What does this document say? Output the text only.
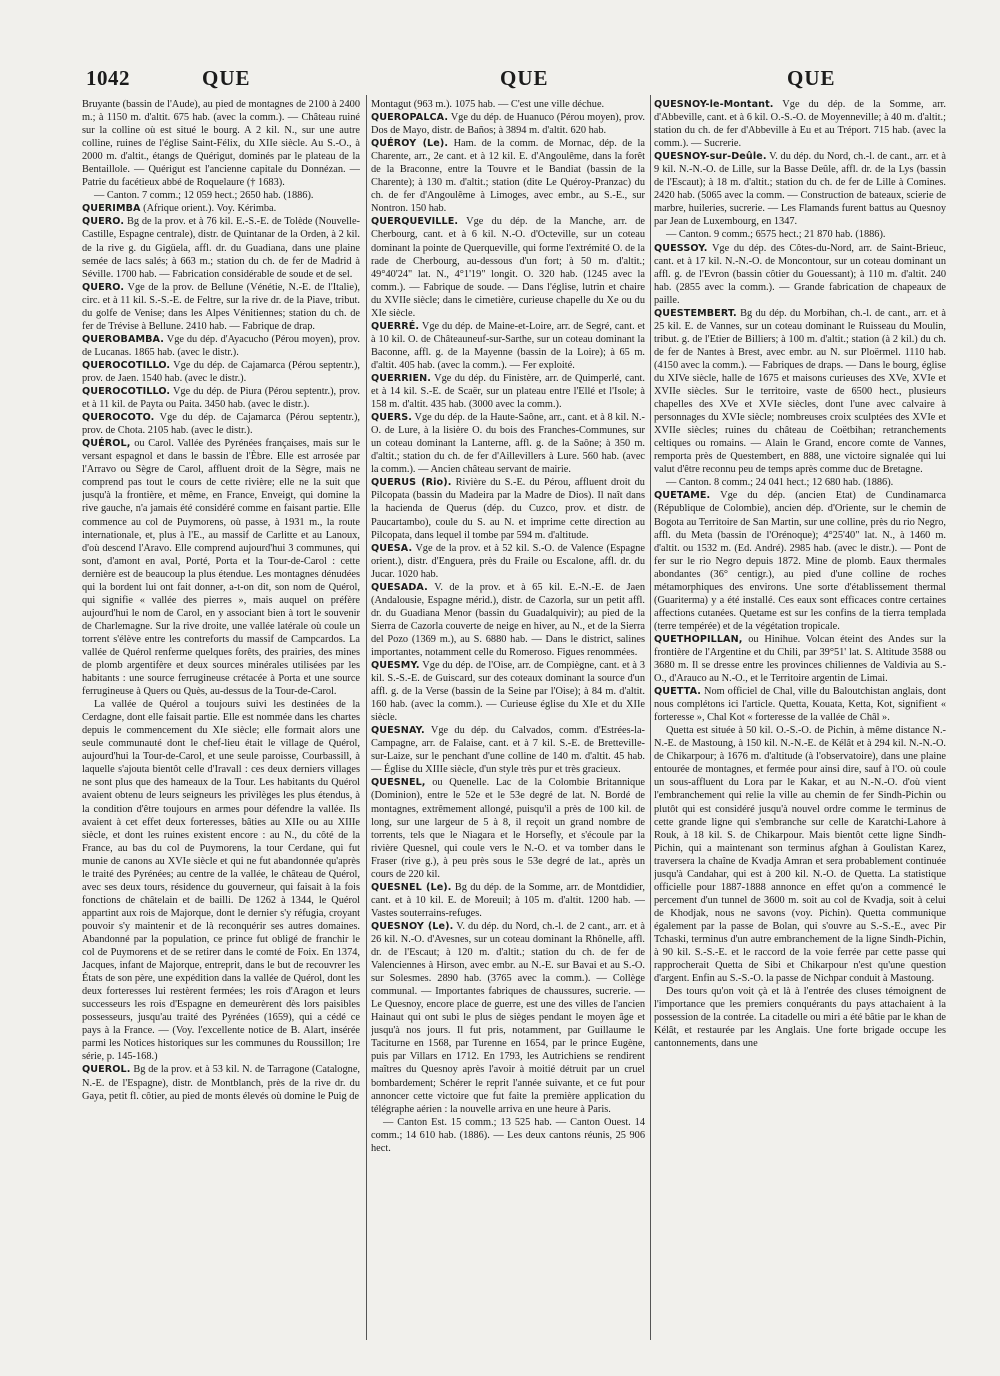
1042	QUE	QUE	QUE

Bruyante (bassin de l'Aude), au pied de montagnes de 2100 à 2400 m.; à 1150 m. d'altit. 675 hab. (avec la comm.). — Château ruiné sur la colline où est situé le bourg. A 2 kil. N., sur une autre colline, ruines de l'église Saint-Félix, du XIIe siècle. Au S.-O., à 2000 m. d'altit., étangs de Quérigut, dominés par le plateau de la Bentaillole. — Quérigut est l'ancienne capitale du Donnézan. — Patrie du facétieux abbé de Roquelaure († 1683).

— Canton. 7 comm.; 12 059 hect.; 2650 hab. (1886).

QUERIMBA (Afrique orient.). Voy. Kérimba.

QUERO. Bg de la prov. et à 76 kil. E.-S.-E. de Tolède (Nouvelle-Castille, Espagne centrale), distr. de Quintanar de la Orden, à 2 kil. de la rive g. du Gigüela, affl. dr. du Guadiana, dans une plaine semée de lacs salés; à 663 m.; station du ch. de fer de Madrid à Séville. 1700 hab. — Fabrication considérable de soude et de sel.

QUERO. Vge de la prov. de Bellune (Vénétie, N.-E. de l'Italie), circ. et à 11 kil. S.-S.-E. de Feltre, sur la rive dr. de la Piave, tribut. du golfe de Venise; dans les Alpes Vénitiennes; station du ch. de fer de Trévise à Bellune. 2410 hab. — Fabrique de drap.

QUEROBAMBA. Vge du dép. d'Ayacucho (Pérou moyen), prov. de Lucanas. 1865 hab. (avec le distr.).

QUEROCOTILLO. Vge du dép. de Cajamarca (Pérou septentr.), prov. de Jaen. 1540 hab. (avec le distr.).

QUEROCOTILLO. Vge du dép. de Piura (Pérou septentr.), prov. et à 11 kil. de Payta ou Paita. 3450 hab. (avec le distr.).

QUEROCOTO. Vge du dép. de Cajamarca (Pérou septentr.), prov. de Chota. 2105 hab. (avec le distr.).

QUÉROL, ou Carol. Vallée des Pyrénées françaises, mais sur le versant espagnol et dans le bassin de l'Èbre. Elle est arrosée par l'Arravo ou Sègre de Carol, affluent droit de la Sègre, mais ne comprend pas tout le cours de cette rivière; elle ne la suit que jusqu'à la frontière, et même, en France, Enveigt, qui domine la rive gauche, n'a jamais été considéré comme en faisant partie. Elle commence au col de Puymorens, où passe, à 1931 m., la route internationale, et, plus à l'E., au massif de Carlitte et au Lanoux, d'où descend l'Aravo. Elle comprend aujourd'hui 3 communes, qui sont, d'amont en aval, Porté, Porta et la Tour-de-Carol : cette dernière est de beaucoup la plus étendue. Les montagnes dénudées qui la bordent lui ont fait donner, a-t-on dit, son nom de Quérol, qui signifie « vallée des pierres », mais auquel on préfère aujourd'hui le nom de Carol, en y associant bien à tort le souvenir de Charlemagne. Sur la rive droite, une vallée latérale où coule un torrent s'élève entre les contreforts du massif de Campcardos. La vallée de Quérol renferme quelques forêts, des prairies, des mines de plomb argentifère et deux sources minérales utilisées par les habitants : une source ferrugineuse crétacée à Porta et une source ferrugineuse à Quers ou Quès, au-dessus de la Tour-de-Carol.

La vallée de Quérol a toujours suivi les destinées de la Cerdagne, dont elle faisait partie. Elle est nommée dans les chartes depuis le commencement du XIe siècle; elle formait alors une seule communauté dont le chef-lieu était le village de Quérol, aujourd'hui la Tour-de-Carol, et une seule paroisse, Courbassill, à laquelle s'ajouta bientôt celle d'Iravall : ces deux derniers villages ne sont plus que des hameaux de la Tour. Les habitants du Quérol avaient obtenu de leurs seigneurs les privilèges les plus étendus, à la condition d'être toujours en armes pour défendre la vallée. Ils avaient à cet effet deux forteresses, bâties au XIIe ou au XIIIe siècle, et dont les ruines existent encore : au N., du côté de la France, au bas du col de Puymorens, la tour Cerdane, qui fut munie de canons au XVIe siècle et qui ne fut abandonnée qu'après le traité des Pyrénées; au centre de la vallée, le château de Quérol, avec ses deux tours, résidence du gouverneur, qui faisait à la fois fonctions de châtelain et de bailli. De 1262 à 1344, le Quérol appartint aux rois de Majorque, dont le dernier s'y réfugia, croyant pouvoir s'y maintenir et de là reconquérir ses autres domaines. Abandonné par la population, ce prince fut obligé de franchir le col de Puymorens et de se retirer dans le comté de Foix. En 1374, Jacques, infant de Majorque, entreprit, dans le but de recouvrer les États de son père, une expédition dans la vallée de Quérol, dont les deux forteresses lui restèrent fermées; les rois d'Aragon et leurs successeurs les rois d'Espagne en demeurèrent dès lors paisibles possesseurs, jusqu'au traité des Pyrénées (1659), qui a cédé ce pays à la France. — (Voy. l'excellente notice de B. Alart, insérée parmi les Notices historiques sur les communes du Roussillon; 1re série, p. 145-168.)

QUEROL. Bg de la prov. et à 53 kil. N. de Tarragone (Catalogne, N.-E. de l'Espagne), distr. de Montblanch, près de la rive dr. du Gaya, petit fl. côtier, au pied de monts élevés où domine le Puig de

Montagut (963 m.). 1075 hab. — C'est une ville déchue.

QUEROPALCA. Vge du dép. de Huanuco (Pérou moyen), prov. Dos de Mayo, distr. de Baños; à 3894 m. d'altit. 620 hab.

QUÉROY (Le). Ham. de la comm. de Mornac, dép. de la Charente, arr., 2e cant. et à 12 kil. E. d'Angoulême, dans la forêt de la Braconne, entre la Touvre et le Bandiat (bassin de la Charente); à 130 m. d'altit.; station (dite Le Quéroy-Pranzac) du ch. de fer d'Angoulême à Limoges, avec embr., au S.-E., sur Nontron. 150 hab.

QUERQUEVILLE. Vge du dép. de la Manche, arr. de Cherbourg, cant. et à 6 kil. N.-O. d'Octeville, sur un coteau dominant la pointe de Querqueville, qui forme l'extrémité O. de la rade de Cherbourg, au-dessous d'un fort; à 50 m. d'altit.; 49°40'24" lat. N., 4°1'19" longit. O. 320 hab. (1245 avec la comm.). — Fabrique de soude. — Dans l'église, lutrin et chaire du XVIIe siècle; dans le cimetière, curieuse chapelle du Xe ou du XIe siècle.

QUERRÉ. Vge du dép. de Maine-et-Loire, arr. de Segré, cant. et à 10 kil. O. de Châteauneuf-sur-Sarthe, sur un coteau dominant la Baconne, affl. g. de la Mayenne (bassin de la Loire); à 65 m. d'altit. 405 hab. (avec la comm.). — Fer exploité.

QUERRIEN. Vge du dép. du Finistère, arr. de Quimperlé, cant. et à 14 kil. S.-E. de Scaër, sur un plateau entre l'Ellé et l'Isole; à 158 m. d'altit. 435 hab. (3000 avec la comm.).

QUERS. Vge du dép. de la Haute-Saône, arr., cant. et à 8 kil. N.-O. de Lure, à la lisière O. du bois des Franches-Communes, sur un coteau dominant la Lanterne, affl. g. de la Saône; à 350 m. d'altit.; station du ch. de fer d'Aillevillers à Lure. 560 hab. (avec la comm.). — Ancien château servant de mairie.

QUERUS (Rio). Rivière du S.-E. du Pérou, affluent droit du Pilcopata (bassin du Madeira par la Madre de Dios). Il naît dans la hacienda de Querus (dép. du Cuzco, prov. et distr. de Paucartambo), coule du S. au N. et imprime cette direction au Pilcopata, dans lequel il tombe par 594 m. d'altitude.

QUESA. Vge de la prov. et à 52 kil. S.-O. de Valence (Espagne orient.), distr. d'Enguera, près du Fraile ou Escalone, affl. dr. du Jucar. 1020 hab.

QUESADA. V. de la prov. et à 65 kil. E.-N.-E. de Jaen (Andalousie, Espagne mérid.), distr. de Cazorla, sur un petit affl. dr. du Guadiana Menor (bassin du Guadalquivir); au pied de la Sierra de Cazorla couverte de neige en hiver, au N., et de la Sierra del Pozo (1369 m.), au S. 6880 hab. — Dans le district, salines importantes, notamment celle du Romeroso. Figues renommées.

QUESMY. Vge du dép. de l'Oise, arr. de Compiègne, cant. et à 3 kil. S.-S.-E. de Guiscard, sur des coteaux dominant la source d'un affl. g. de la Verse (bassin de la Seine par l'Oise); à 84 m. d'altit. 160 hab. (avec la comm.). — Curieuse église du XIe et du XIIe siècle.

QUESNAY. Vge du dép. du Calvados, comm. d'Estrées-la-Campagne, arr. de Falaise, cant. et à 7 kil. S.-E. de Bretteville-sur-Laize, sur le penchant d'une colline de 140 m. d'altit. 45 hab. — Église du XIIIe siècle, d'un style très pur et très gracieux.

QUESNEL, ou Quenelle. Lac de la Colombie Britannique (Dominion), entre le 52e et le 53e degré de lat. N. Bordé de montagnes, extrêmement allongé, puisqu'il a près de 100 kil. de long, sur une largeur de 5 à 8, il reçoit un grand nombre de torrents, tels que le Niagara et le Horsefly, et s'écoule par la rivière Quesnel, qui coule vers le N.-O. et va tomber dans le Fraser (rive g.), à peu près sous le 53e degré de lat., après un cours de 220 kil.

QUESNEL (Le). Bg du dép. de la Somme, arr. de Montdidier, cant. et à 10 kil. E. de Moreuil; à 105 m. d'altit. 1200 hab. — Vastes souterrains-refuges.

QUESNOY (Le). V. du dép. du Nord, ch.-l. de 2 cant., arr. et à 26 kil. N.-O. d'Avesnes, sur un coteau dominant la Rhônelle, affl. dr. de l'Escaut; à 120 m. d'altit.; station du ch. de fer de Valenciennes à Hirson, avec embr. au N.-E. sur Bavai et au S.-O. sur Solesmes. 2890 hab. (3765 avec la comm.). — Collège communal. — Importantes fabriques de chaussures, sucrerie. — Le Quesnoy, encore place de guerre, est une des villes de l'ancien Hainaut qui ont subi le plus de sièges pendant le moyen âge et jusqu'à nos jours. Il fut pris, notamment, par Guillaume le Taciturne en 1568, par Turenne en 1654, par le prince Eugène, puis par Villars en 1712. En 1793, les Autrichiens se rendirent maîtres du Quesnoy après l'avoir à moitié détruit par un cruel bombardement; Schérer le reprit l'année suivante, et ce fut pour annoncer cette victoire que fut faite la première application du télégraphe aérien : la nouvelle arriva en une heure à Paris.

— Canton Est. 15 comm.; 13 525 hab. — Canton Ouest. 14 comm.; 14 610 hab. (1886). — Les deux cantons réunis, 25 906 hect.

QUESNOY-le-Montant. Vge du dép. de la Somme, arr. d'Abbeville, cant. et à 6 kil. O.-S.-O. de Moyenneville; à 40 m. d'altit.; station du ch. de fer d'Abbeville à Eu et au Tréport. 715 hab. (avec la comm.). — Sucrerie.

QUESNOY-sur-Deûle. V. du dép. du Nord, ch.-l. de cant., arr. et à 9 kil. N.-N.-O. de Lille, sur la Basse Deûle, affl. dr. de la Lys (bassin de l'Escaut); à 18 m. d'altit.; station du ch. de fer de Lille à Comines. 2420 hab. (5065 avec la comm. — Construction de bateaux, scierie de marbre, huileries, sucrerie. — Les Flamands furent battus au Quesnoy par Jean de Luxembourg, en 1347.

— Canton. 9 comm.; 6575 hect.; 21 870 hab. (1886).

QUESSOY. Vge du dép. des Côtes-du-Nord, arr. de Saint-Brieuc, cant. et à 17 kil. N.-N.-O. de Moncontour, sur un coteau dominant un affl. g. de l'Evron (bassin côtier du Gouessant); à 110 m. d'altit. 240 hab. (2855 avec la comm.). — Grande fabrication de chapeaux de paille.

QUESTEMBERT. Bg du dép. du Morbihan, ch.-l. de cant., arr. et à 25 kil. E. de Vannes, sur un coteau dominant le Ruisseau du Moulin, tribut. g. de l'Etier de Billiers; à 100 m. d'altit.; station (à 2 kil.) du ch. de fer de Nantes à Brest, avec embr. au N. sur Ploërmel. 1110 hab. (4150 avec la comm.). — Fabriques de draps. — Dans le bourg, église du XIVe siècle, halle de 1675 et maisons curieuses des XVe, XVIe et XVIIe siècles. Sur le territoire, vaste de 6500 hect., plusieurs chapelles des XVe et XVIe siècles, dont l'une avec calvaire à personnages du XVIe siècle; nombreuses croix sculptées des XVIe et XVIIe siècles; ruines du château de Coëtbihan; retranchements celtiques ou romains. — Alain le Grand, encore comte de Vannes, remporta près de Questembert, en 888, une victoire signalée qui lui valut d'être reconnu peu de temps après comme duc de Bretagne.

— Canton. 8 comm.; 24 041 hect.; 12 680 hab. (1886).

QUETAME. Vge du dép. (ancien Etat) de Cundinamarca (République de Colombie), ancien dép. d'Oriente, sur le chemin de Bogota au Territoire de San Martin, sur une colline, près du rio Negro, affl. du Meta (bassin de l'Orénoque); 4°25'40" lat. N., à 1460 m. d'altit. ou 1532 m. (Ed. André). 2985 hab. (avec le distr.). — Pont de fer sur le rio Negro depuis 1872. Mine de plomb. Eaux thermales abondantes (36° centigr.), au pied d'une colline de roches métamorphiques des environs. Une sorte d'établissement thermal (Guariterma) y a été installé. Ces eaux sont efficaces contre certaines affections cutanées. Quetame est sur les confins de la tierra templada (terre tempérée) et de la végétation tropicale.

QUETHOPILLAN, ou Hinihue. Volcan éteint des Andes sur la frontière de l'Argentine et du Chili, par 39°51' lat. S. Altitude 3588 ou 3680 m. Il se dresse entre les provinces chiliennes de Valdivia au S.-O., d'Arauco au N.-O., et le Territoire argentin de Limai.

QUETTA. Nom officiel de Chal, ville du Baloutchistan anglais, dont nous complétons ici l'article. Quetta, Kouata, Ketta, Kot, signifient « forteresse », Chal Kot « forteresse de la vallée de Châl ».

Quetta est située à 50 kil. O.-S.-O. de Pichin, à même distance N.-N.-E. de Mastoung, à 150 kil. N.-N.-E. de Kélât et à 294 kil. N.-N.-O. de Chikarpour; à 1676 m. d'altitude (à l'observatoire), dans une plaine entourée de montagnes, et fermée pour ainsi dire, sauf à l'O. où coule un sous-affluent du Lora par le Kakar, et au N.-N.-O. d'où vient l'embranchement qui relie la ville au chemin de fer Sindh-Pichin ou plutôt qui est considéré jusqu'à nouvel ordre comme le terminus de cette grande ligne qui s'embranche sur celle de Karatchi-Lahore à Rouk, à 18 kil. S. de Chikarpour. Mais bientôt cette ligne Sindh-Pichin, qui a maintenant son terminus afghan à Goulistan Karez, traversera la chaîne de Kvadja Amran et sera probablement continuée jusqu'à Candahar, qui est à 200 kil. N.-O. de Quetta. La statistique officielle pour 1887-1888 annonce en effet qu'on a commencé le percement d'un tunnel de 3600 m. soit au col de Kvadja, soit à celui de Khodjak, nous ne savons (voy. Pichin). Quetta communique également par la passe de Bolan, qui s'ouvre au S.-S.-E., avec Pir Tchaski, terminus d'un autre embranchement de la ligne Sindh-Pichin, à 90 kil. S.-S.-E. et le raccord de la voie ferrée par cette passe qui rapprocherait Quetta de Sibi et Chikarpour n'est qu'une question d'argent. Enfin au S.-S.-O. la passe de Nichpar conduit à Mastoung.

Des tours qu'on voit çà et là à l'entrée des cluses témoignent de l'importance que les premiers conquérants du pays attachaient à la possession de la contrée. La citadelle ou miri a été bâtie par le khan de Kélât, et restaurée par les Anglais. Une forte brigade occupe les cantonnements, dans une
